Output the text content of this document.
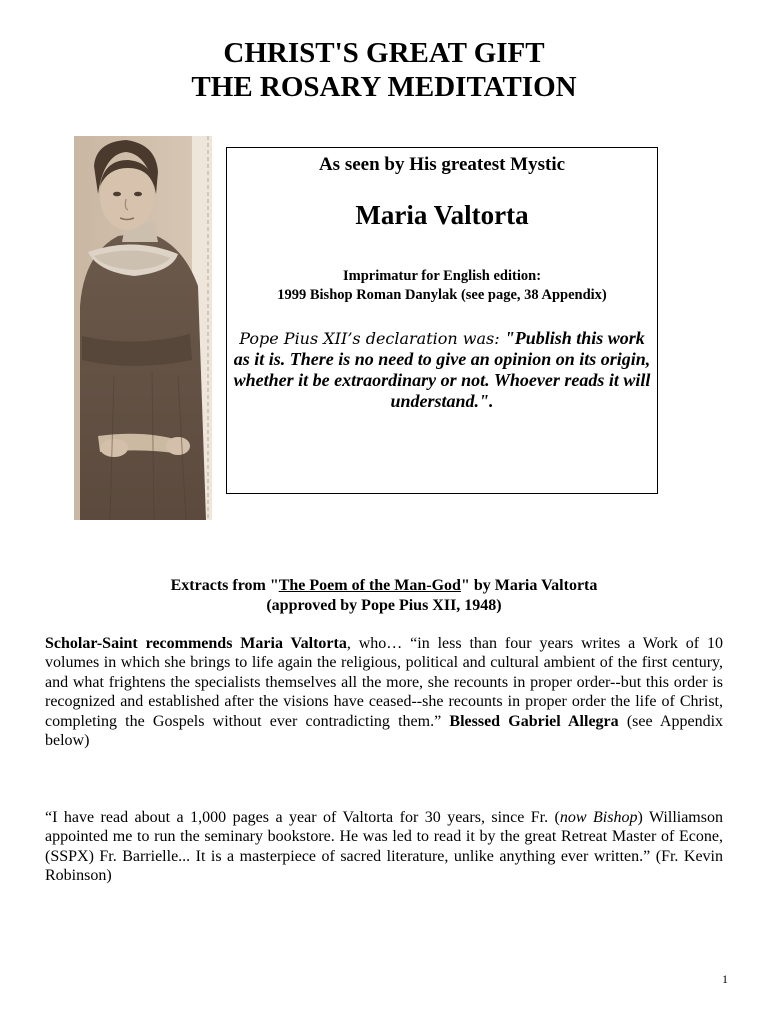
CHRIST'S GREAT GIFT
THE ROSARY MEDITATION
As seen by His greatest Mystic
Maria Valtorta
Imprimatur for English edition:
1999 Bishop Roman Danylak (see page, 38 Appendix)
Pope Pius XII’s declaration was: "Publish this work as it is. There is no need to give an opinion on its origin, whether it be extraordinary or not. Whoever reads it will understand.".
Extracts from "The Poem of the Man-God" by Maria Valtorta
(approved by Pope Pius XII, 1948)
Scholar-Saint recommends Maria Valtorta, who… “in less than four years writes a Work of 10 volumes in which she brings to life again the religious, political and cultural ambient of the first century, and what frightens the specialists themselves all the more, she recounts in proper order--but this order is recognized and established after the visions have ceased--she recounts in proper order the life of Christ, completing the Gospels without ever contradicting them.” Blessed Gabriel Allegra (see Appendix below)
“I have read about a 1,000 pages a year of Valtorta for 30 years, since Fr. (now Bishop) Williamson appointed me to run the seminary bookstore. He was led to read it by the great Retreat Master of Econe, (SSPX) Fr. Barrielle... It is a masterpiece of sacred literature, unlike anything ever written.” (Fr. Kevin Robinson)
1
